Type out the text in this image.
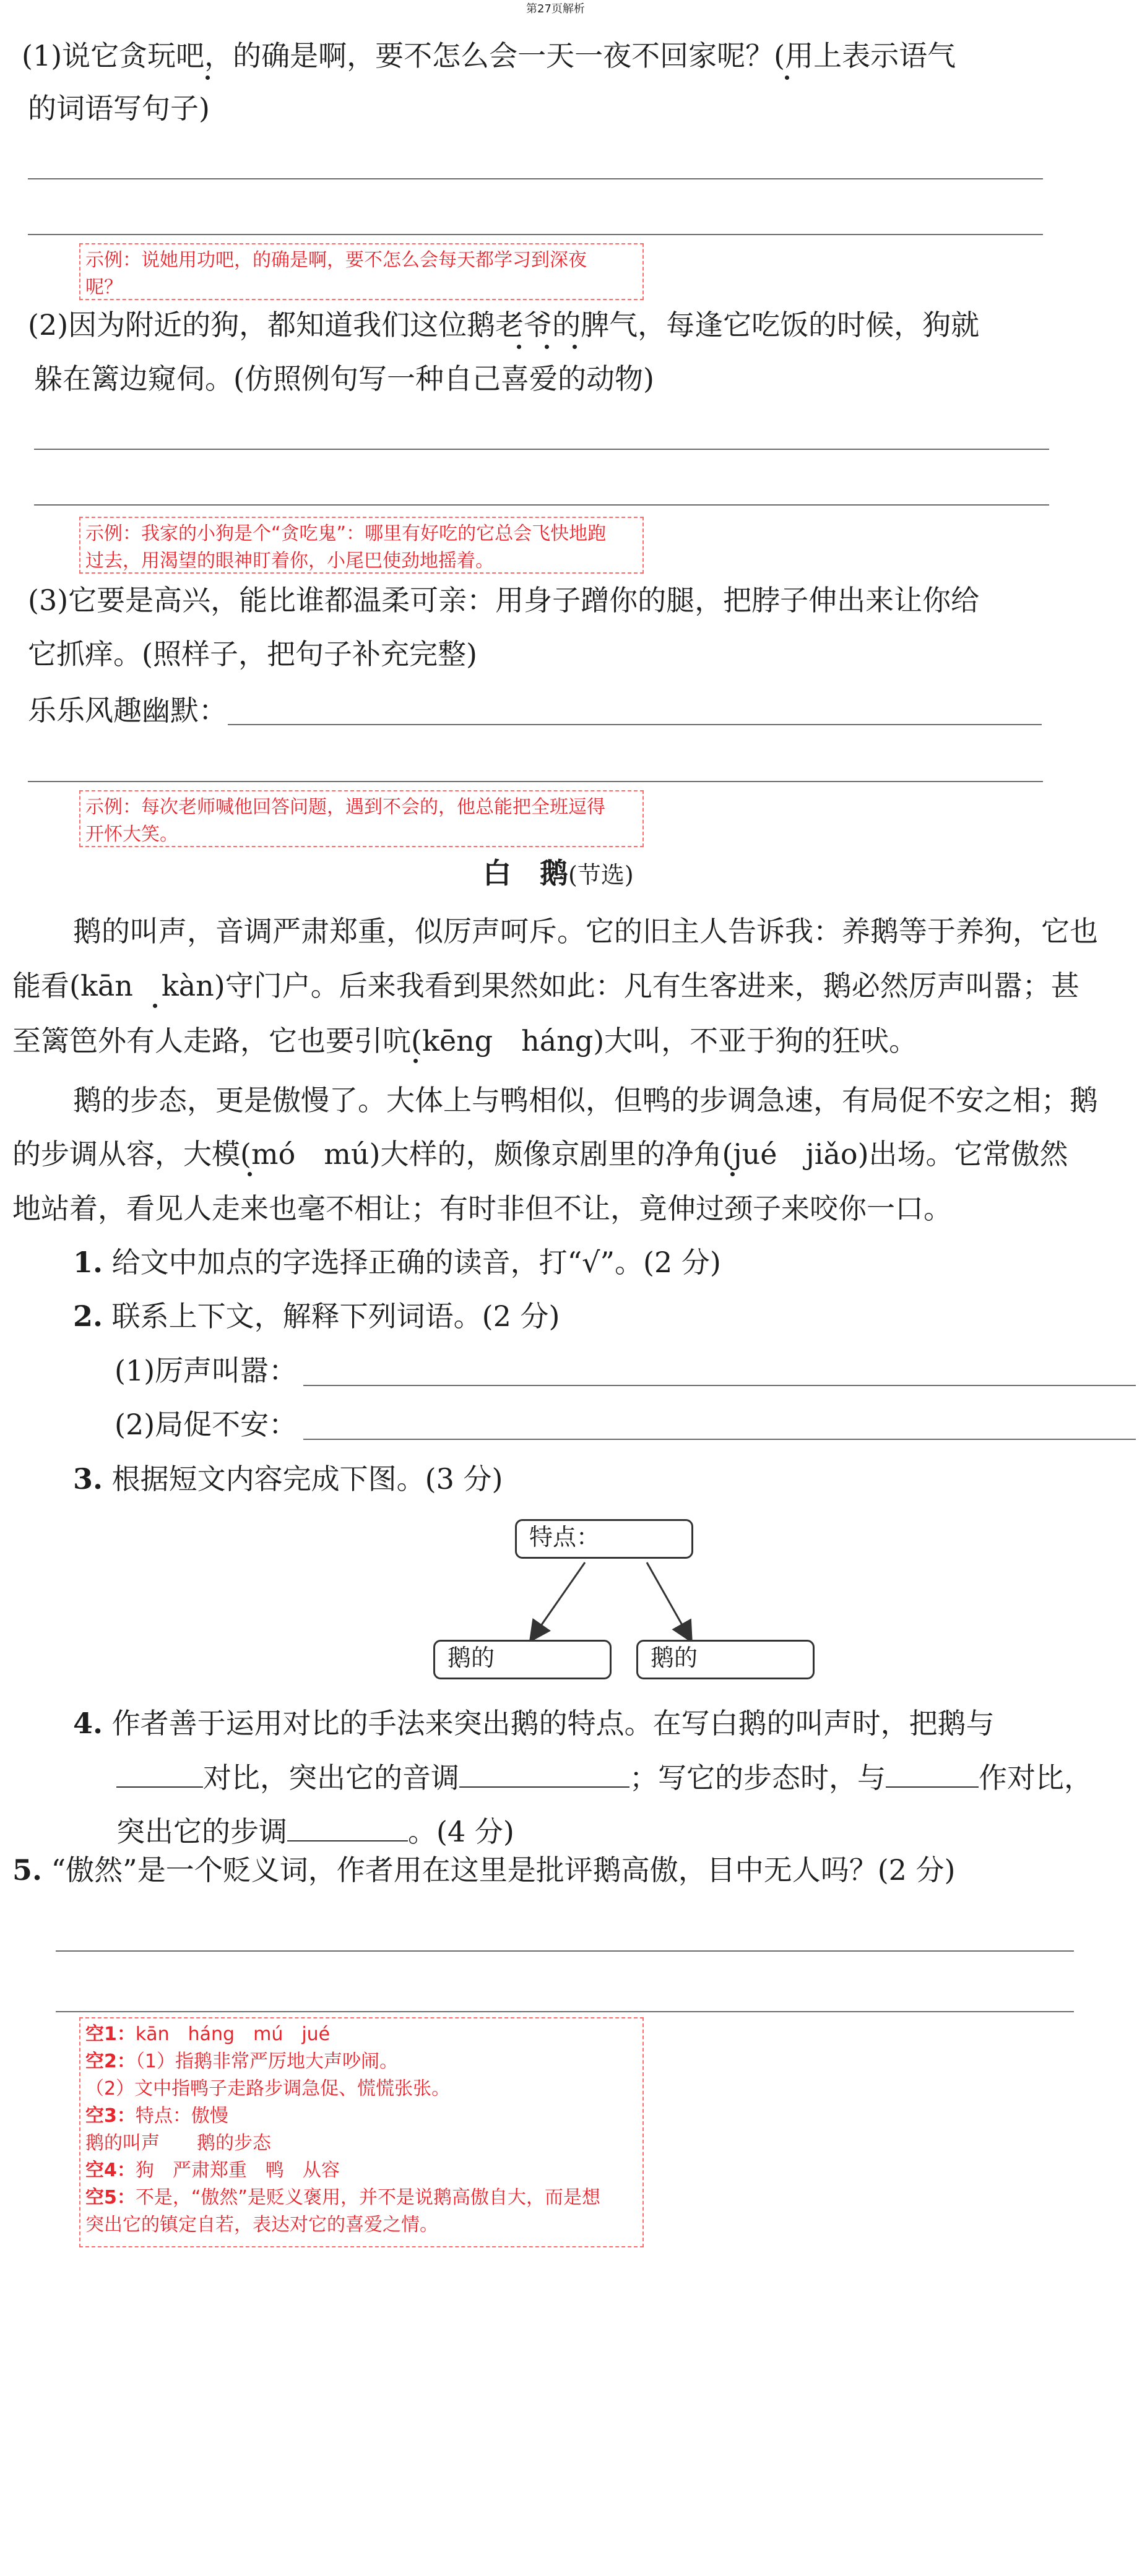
第27页解析
(1)说它贪玩吧，的确是啊，要不怎么会一天一夜不回家呢？(用上表示语气
的词语写句子)
示例：说她用功吧，的确是啊，要不怎么会每天都学习到深夜
呢？
(2)因为附近的狗，都知道我们这位鹅老爷的脾气，每逢它吃饭的时候，狗就
躲在篱边窥伺。(仿照例句写一种自己喜爱的动物)
示例：我家的小狗是个“贪吃鬼”：哪里有好吃的它总会飞快地跑
过去，用渴望的眼神盯着你，小尾巴使劲地摇着。
(3)它要是高兴，能比谁都温柔可亲：用身子蹭你的腿，把脖子伸出来让你给
它抓痒。(照样子，把句子补充完整)
乐乐风趣幽默：
示例：每次老师喊他回答问题，遇到不会的，他总能把全班逗得
开怀大笑。
白　鹅(节选)
鹅的叫声，音调严肃郑重，似厉声呵斥。它的旧主人告诉我：养鹅等于养狗，它也
能看(kān　kàn)守门户。后来我看到果然如此：凡有生客进来，鹅必然厉声叫嚣；甚
至篱笆外有人走路，它也要引吭(kēng　háng)大叫，不亚于狗的狂吠。
鹅的步态，更是傲慢了。大体上与鸭相似，但鸭的步调急速，有局促不安之相；鹅
的步调从容，大模(mó　mú)大样的，颇像京剧里的净角(jué　jiǎo)出场。它常傲然
地站着，看见人走来也毫不相让；有时非但不让，竟伸过颈子来咬你一口。
1. 给文中加点的字选择正确的读音，打“√”。(2 分)
2. 联系上下文，解释下列词语。(2 分)
(1)厉声叫嚣：
(2)局促不安：
3. 根据短文内容完成下图。(3 分)
特点：
鹅的	鹅的
4. 作者善于运用对比的手法来突出鹅的特点。在写白鹅的叫声时，把鹅与
对比，突出它的音调	；写它的步态时，与	作对比，
突出它的步调	。(4 分)
5. “傲然”是一个贬义词，作者用在这里是批评鹅高傲，目中无人吗？(2 分)
空1：kān　háng　mú　jué
空2：（1）指鹅非常严厉地大声吵闹。
（2）文中指鸭子走路步调急促、慌慌张张。
空3：特点：傲慢
鹅的叫声　　鹅的步态
空4：狗　严肃郑重　鸭　从容
空5：不是，“傲然”是贬义褒用，并不是说鹅高傲自大，而是想
突出它的镇定自若，表达对它的喜爱之情。
